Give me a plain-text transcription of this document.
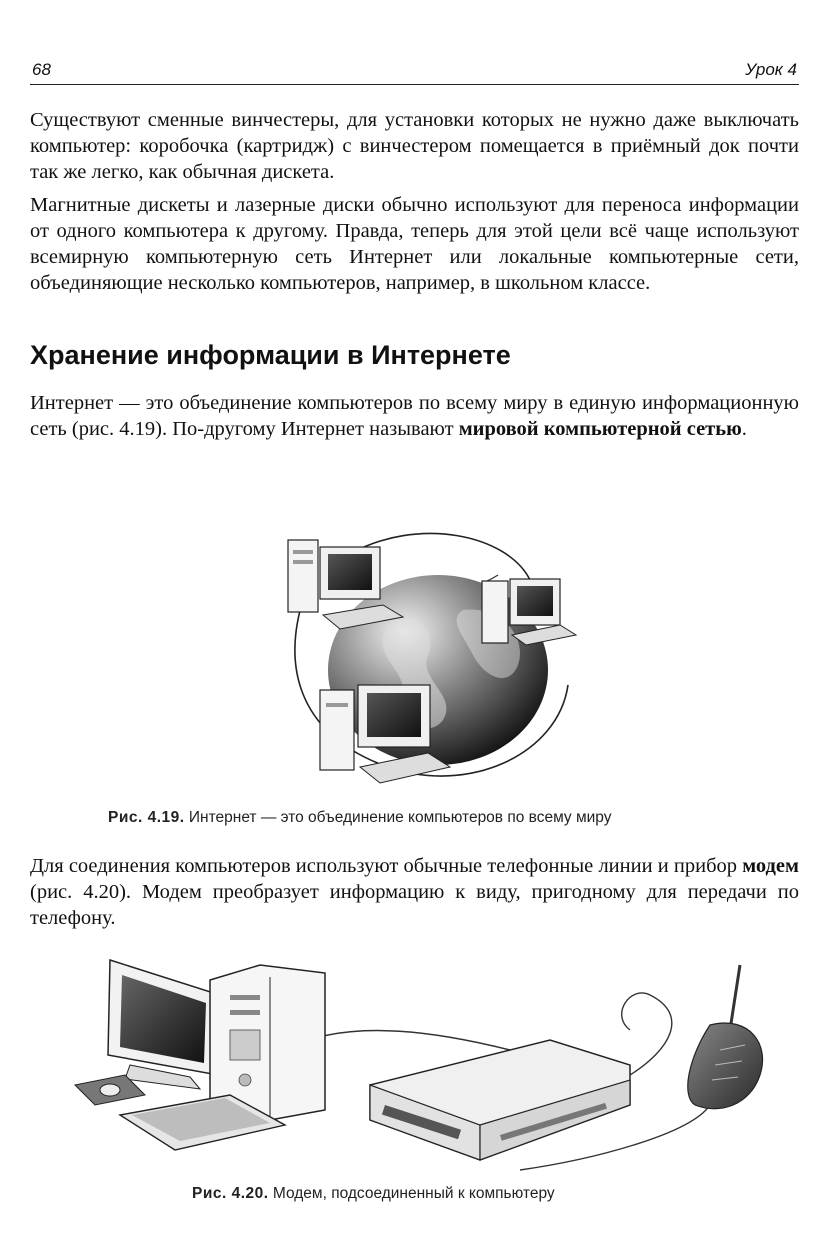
68	Урок 4

Существуют сменные винчестеры, для установки которых не нужно даже выключать компьютер: коробочка (картридж) с винчестером помещается в приёмный док почти так же легко, как обычная дискета.

Магнитные дискеты и лазерные диски обычно используют для переноса информации от одного компьютера к другому. Правда, теперь для этой цели всё чаще используют всемирную компьютерную сеть Интернет или локальные компьютерные сети, объединяющие несколько компьютеров, например, в школьном классе.

Хранение информации в Интернете

Интернет — это объединение компьютеров по всему миру в единую информационную сеть (рис. 4.19). По-другому Интернет называют мировой компьютерной сетью.

Рис. 4.19. Интернет — это объединение компьютеров по всему миру

Для соединения компьютеров используют обычные телефонные линии и прибор модем (рис. 4.20). Модем преобразует информацию к виду, пригодному для передачи по телефону.

Рис. 4.20. Модем, подсоединенный к компьютеру
